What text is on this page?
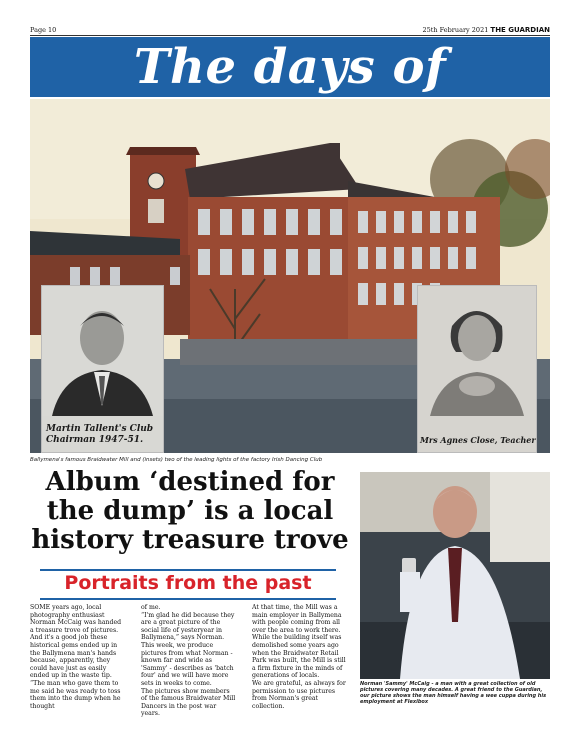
Page 10	25th February 2021 THE GUARDIAN
The days of
Martin Tallent's Club Chairman 1947-51.	Mrs Agnes Close, Teacher
Ballymena's famous Braidwater Mill and (insets) two of the leading lights of the factory Irish Dancing Club
Album ‘destined for the dump’ is a local history treasure trove
Portraits from the past

SOME years ago, local photography enthusiast Norman McCaig was handed a treasure trove of pictures.

And it's a good job these historical gems ended up in the Ballymena man's hands because, apparently, they could have just as easily ended up in the waste tip.

“The man who gave them to me said he was ready to toss them into the dump when he thought

of me.

“I'm glad he did because they are a great picture of the social life of yesteryear in Ballymena,” says Norman.

This week, we produce pictures from what Norman - known far and wide as 'Sammy' - describes as 'batch four' and we will have more sets in weeks to come.

The pictures show members of the famous Braidwater Mill Dancers in the post war years.

At that time, the Mill was a main employer in Ballymena with people coming from all over the area to work there.

While the building itself was demolished some years ago when the Braidwater Retail Park was built, the Mill is still a firm fixture in the minds of generations of locals.

We are grateful, as always for permission to use pictures from Norman's great collection.

Norman 'Sammy' McCaig - a man with a great collection of old pictures covering many decades. A great friend to the Guardian, our picture shows the man himself having a wee cuppa during his employment at Flexibox
